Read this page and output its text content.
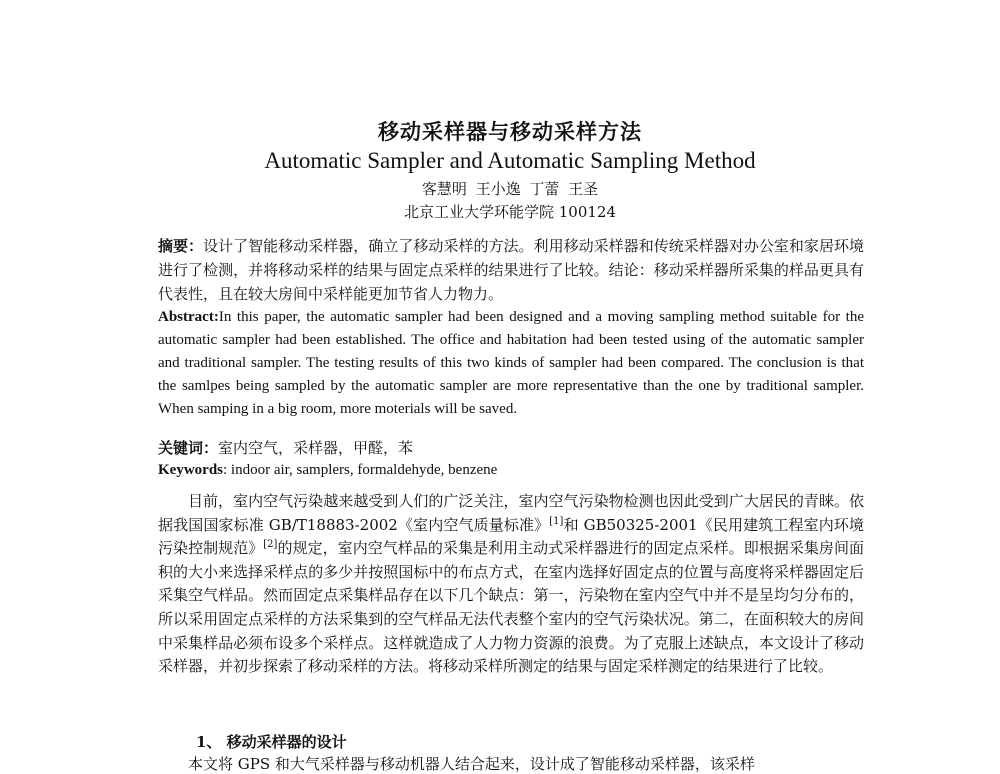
移动采样器与移动采样方法
Automatic Sampler and Automatic Sampling Method
客慧明 王小逸 丁蕾 王圣
北京工业大学环能学院 100124
摘要：设计了智能移动采样器，确立了移动采样的方法。利用移动采样器和传统采样器对办公室和家居环境进行了检测，并将移动采样的结果与固定点采样的结果进行了比较。结论：移动采样器所采集的样品更具有代表性，且在较大房间中采样能更加节省人力物力。
Abstract:In this paper, the automatic sampler had been designed and a moving sampling method suitable for the automatic sampler had been established. The office and habitation had been tested using of the automatic sampler and traditional sampler. The testing results of this two kinds of sampler had been compared. The conclusion is that the samlpes being sampled by the automatic sampler are more representative than the one by traditional sampler. When samping in a big room, more moterials will be saved.
关键词：室内空气，采样器，甲醛，苯
Keywords: indoor air, samplers, formaldehyde, benzene
目前，室内空气污染越来越受到人们的广泛关注，室内空气污染物检测也因此受到广大居民的青睐。依据我国国家标准 GB/T18883-2002《室内空气质量标准》[1]和 GB50325-2001《民用建筑工程室内环境污染控制规范》[2]的规定，室内空气样品的采集是利用主动式采样器进行的固定点采样。即根据采集房间面积的大小来选择采样点的多少并按照国标中的布点方式，在室内选择好固定点的位置与高度将采样器固定后采集空气样品。然而固定点采集样品存在以下几个缺点：第一，污染物在室内空气中并不是呈均匀分布的，所以采用固定点采样的方法采集到的空气样品无法代表整个室内的空气污染状况。第二，在面积较大的房间中采集样品必须布设多个采样点。这样就造成了人力物力资源的浪费。为了克服上述缺点，本文设计了移动采样器，并初步探索了移动采样的方法。将移动采样所测定的结果与固定采样测定的结果进行了比较。
1、 移动采样器的设计
本文将 GPS 和大气采样器与移动机器人结合起来，设计成了智能移动采样器，该采样
